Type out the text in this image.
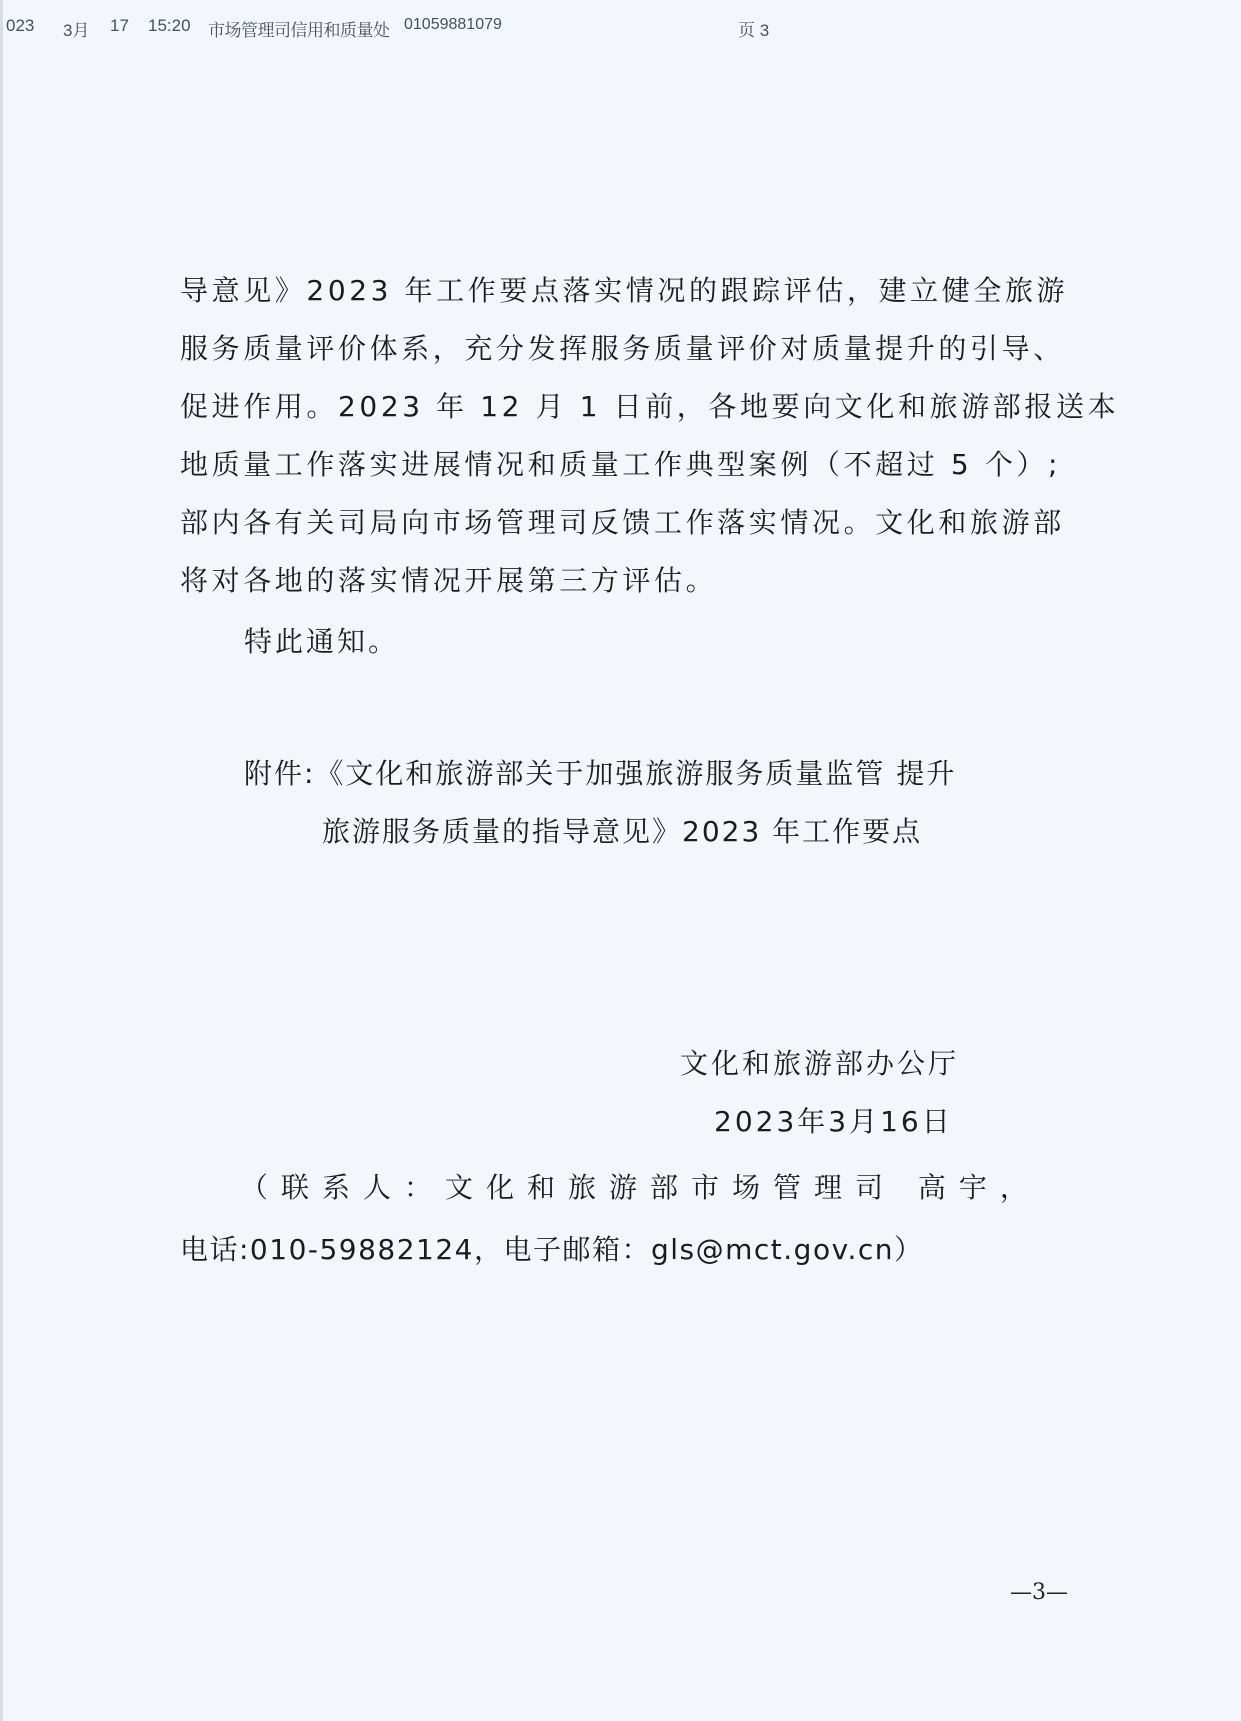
023 3月 17 15:20 市场管理司信用和质量处 01059881079	页 3
导意见》2023 年工作要点落实情况的跟踪评估，建立健全旅游
服务质量评价体系，充分发挥服务质量评价对质量提升的引导、
促进作用。2023 年 12 月 1 日前，各地要向文化和旅游部报送本
地质量工作落实进展情况和质量工作典型案例（不超过 5 个）;
部内各有关司局向市场管理司反馈工作落实情况。文化和旅游部
将对各地的落实情况开展第三方评估。
特此通知。
附件:《文化和旅游部关于加强旅游服务质量监管 提升
旅游服务质量的指导意见》2023 年工作要点
文化和旅游部办公厅
2023年3月16日
（联系人：文化和旅游部市场管理司 高宇，
电话:010-59882124，电子邮箱：gls@mct.gov.cn）
—3—
